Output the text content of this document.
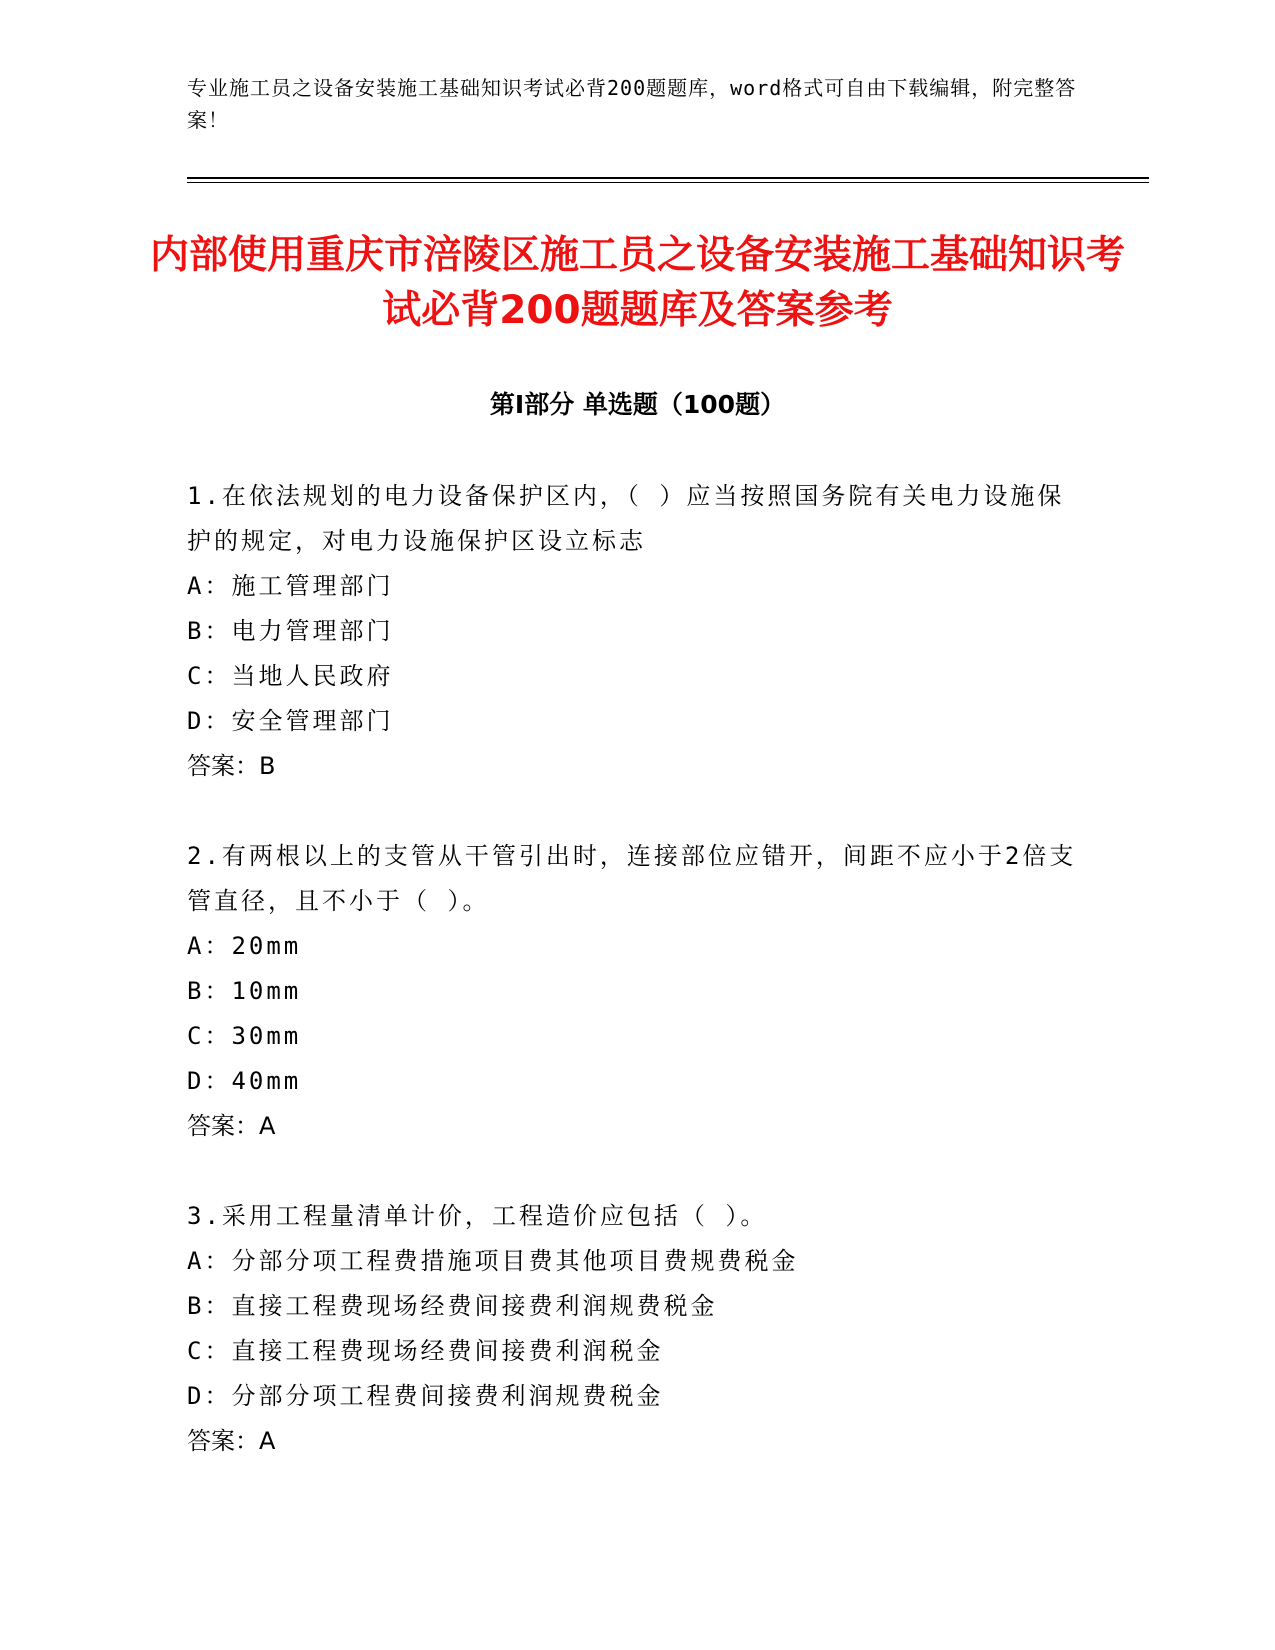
专业施工员之设备安装施工基础知识考试必背200题题库，word格式可自由下载编辑，附完整答案！
内部使用重庆市涪陵区施工员之设备安装施工基础知识考试必背200题题库及答案参考
第I部分 单选题（100题）
1.在依法规划的电力设备保护区内，（ ）应当按照国务院有关电力设施保护的规定，对电力设施保护区设立标志
A：施工管理部门
B：电力管理部门
C：当地人民政府
D：安全管理部门
答案：B
2.有两根以上的支管从干管引出时，连接部位应错开，间距不应小于2倍支管直径，且不小于（ ）。
A：20mm
B：10mm
C：30mm
D：40mm
答案：A
3.采用工程量清单计价，工程造价应包括（ ）。
A：分部分项工程费措施项目费其他项目费规费税金
B：直接工程费现场经费间接费利润规费税金
C：直接工程费现场经费间接费利润税金
D：分部分项工程费间接费利润规费税金
答案：A
